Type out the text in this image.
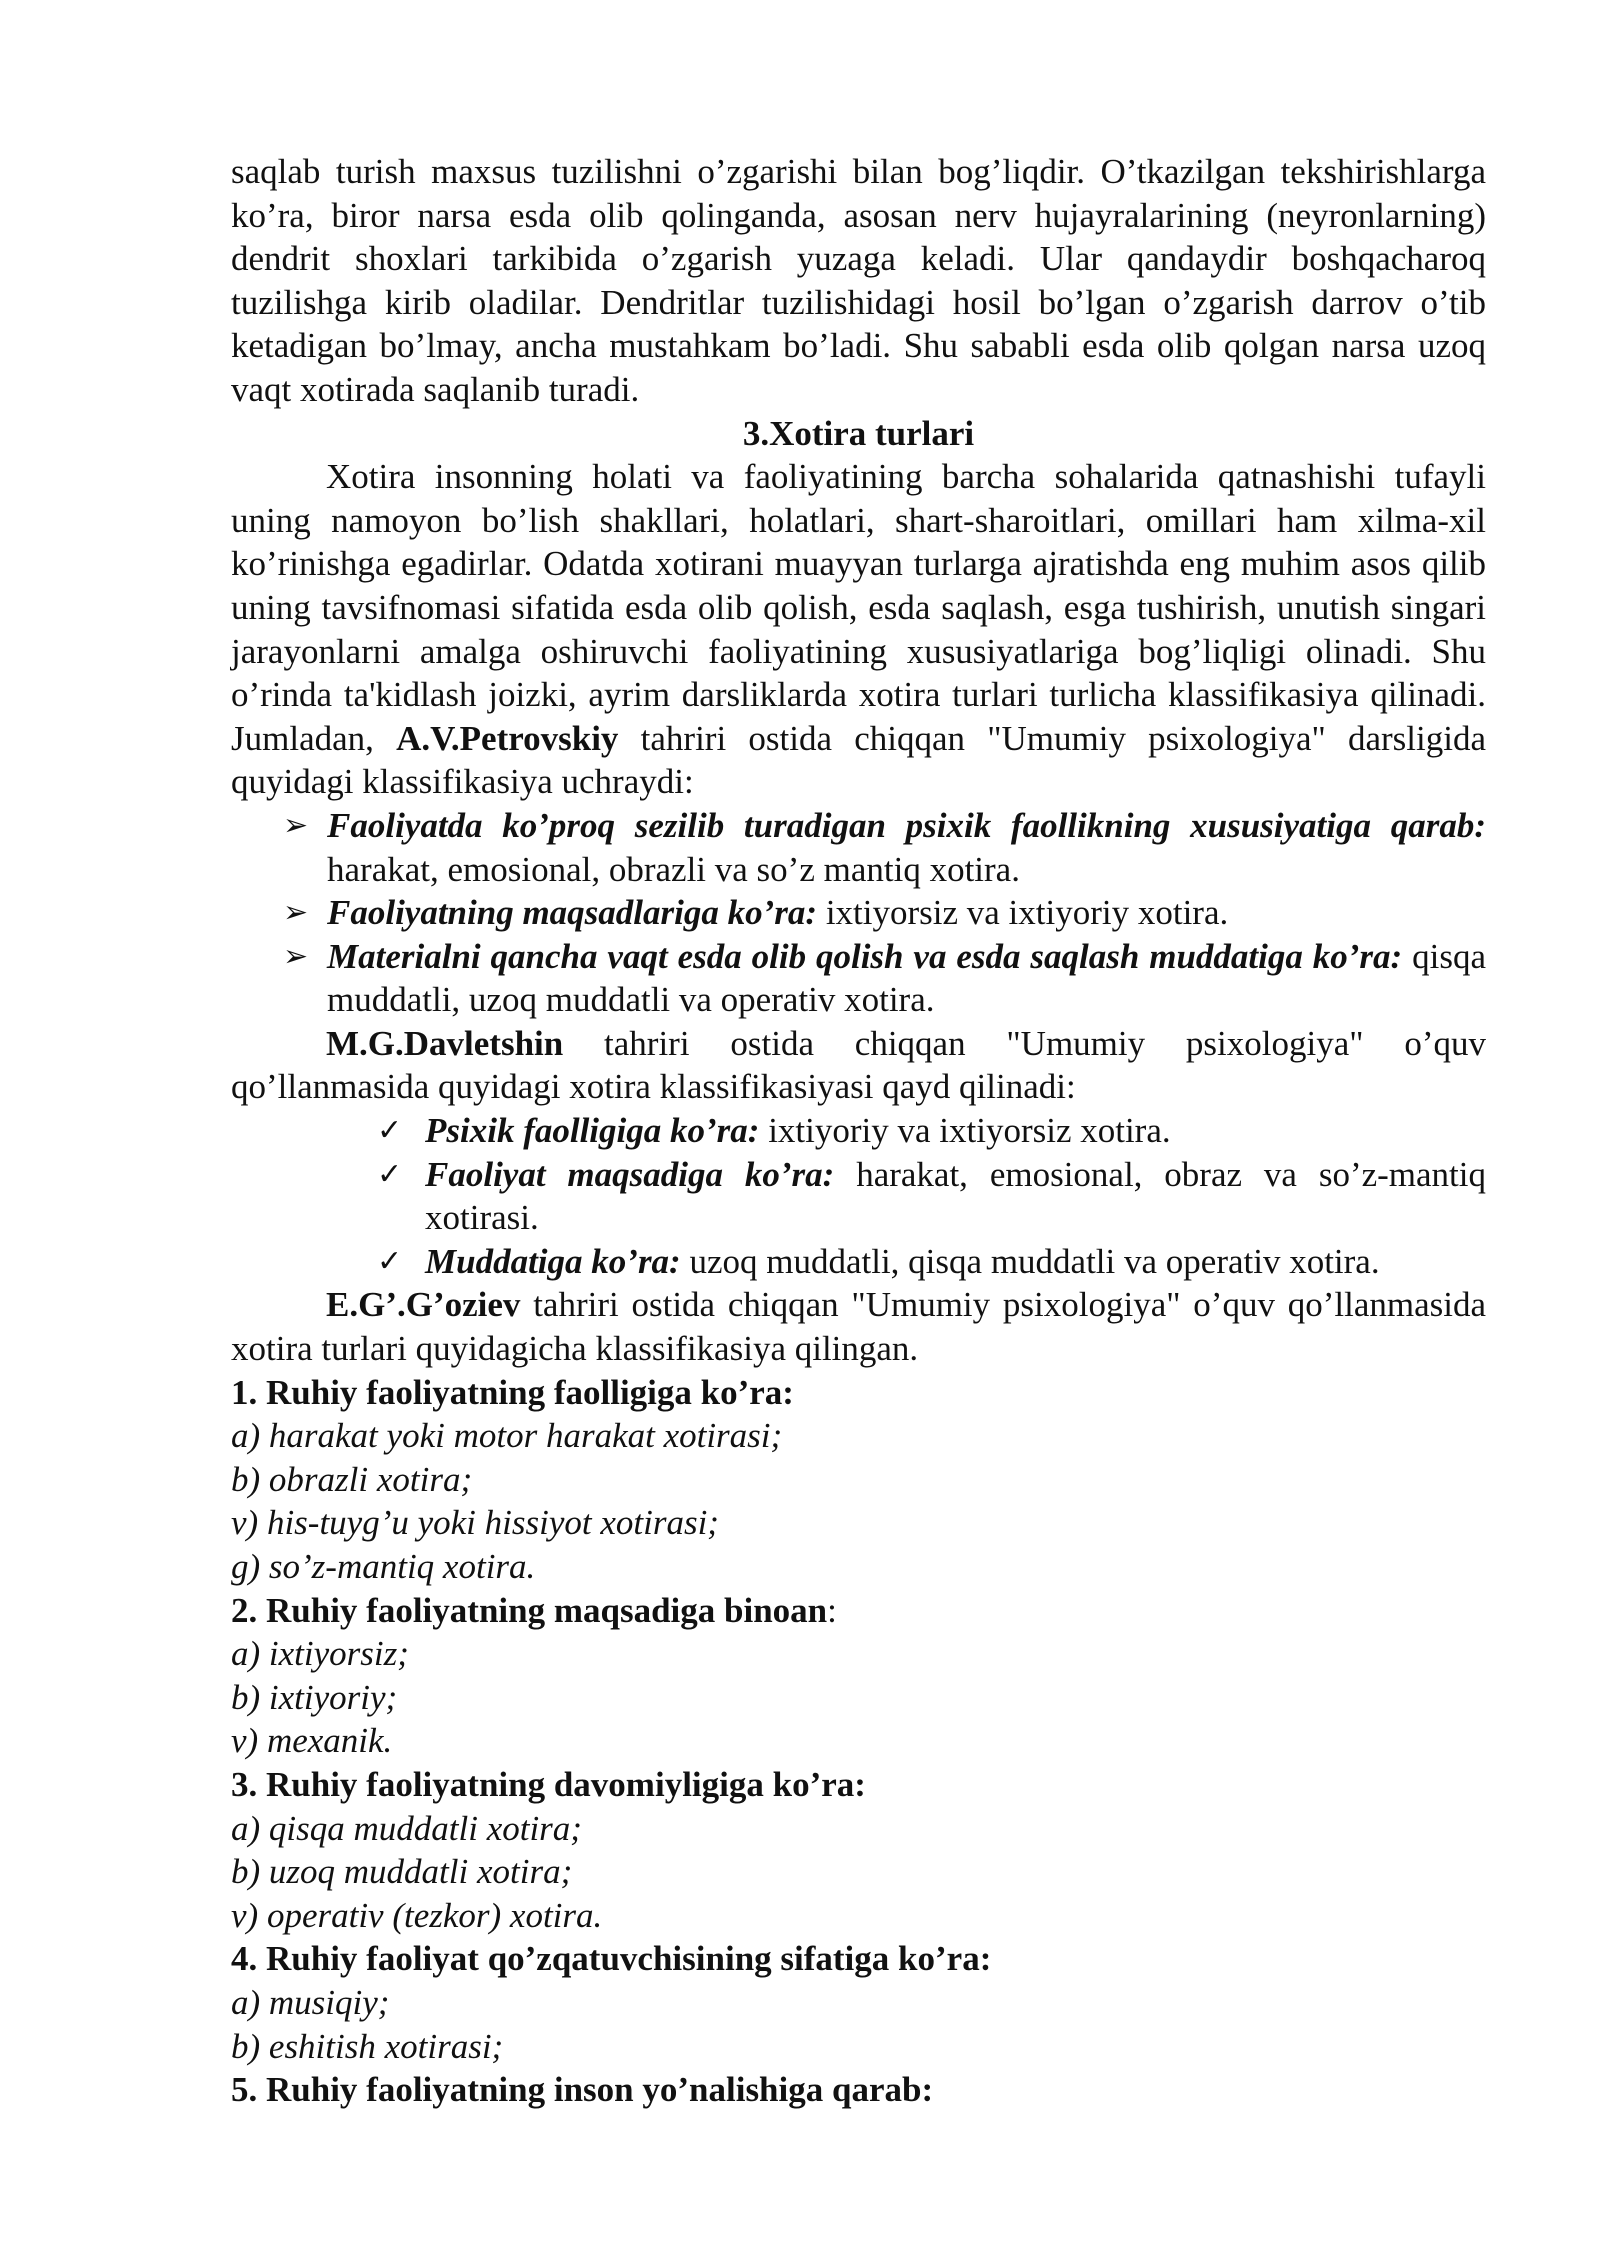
saqlab turish maxsus tuzilishni o’zgarishi bilan bog’liqdir. O’tkazilgan tekshirishlarga ko’ra, biror narsa esda olib qolinganda, asosan nerv hujayralarining (neyronlarning) dendrit shoxlari tarkibida o’zgarish yuzaga keladi. Ular qandaydir boshqacharoq tuzilishga kirib oladilar. Dendritlar tuzilishidagi hosil bo’lgan o’zgarish darrov o’tib ketadigan bo’lmay, ancha mustahkam bo’ladi. Shu sababli esda olib qolgan narsa uzoq vaqt xotirada saqlanib turadi.

3.Xotira turlari

Xotira insonning holati va faoliyatining barcha sohalarida qatnashishi tufayli uning namoyon bo’lish shakllari, holatlari, shart-sharoitlari, omillari ham xilma-xil ko’rinishga egadirlar. Odatda xotirani muayyan turlarga ajratishda eng muhim asos qilib uning tavsifnomasi sifatida esda olib qolish, esda saqlash, esga tushirish, unutish singari jarayonlarni amalga oshiruvchi faoliyatining xususiyatlariga bog’liqligi olinadi. Shu o’rinda ta'kidlash joizki, ayrim darsliklarda xotira turlari turlicha klassifikasiya qilinadi. Jumladan, A.V.Petrovskiy tahriri ostida chiqqan "Umumiy psixologiya" darsligida quyidagi klassifikasiya uchraydi:

➢ Faoliyatda ko’proq sezilib turadigan psixik faollikning xususiyatiga qarab: harakat, emosional, obrazli va so’z mantiq xotira.

➢ Faoliyatning maqsadlariga ko’ra: ixtiyorsiz va ixtiyoriy xotira.

➢ Materialni qancha vaqt esda olib qolish va esda saqlash muddatiga ko’ra: qisqa muddatli, uzoq muddatli va operativ xotira.

M.G.Davletshin tahriri ostida chiqqan "Umumiy psixologiya" o’quv qo’llanmasida quyidagi xotira klassifikasiyasi qayd qilinadi:

✓ Psixik faolligiga ko’ra: ixtiyoriy va ixtiyorsiz xotira.

✓ Faoliyat maqsadiga ko’ra: harakat, emosional, obraz va so’z-mantiq xotirasi.

✓ Muddatiga ko’ra: uzoq muddatli, qisqa muddatli va operativ xotira.

E.G’.G’oziev tahriri ostida chiqqan "Umumiy psixologiya" o’quv qo’llanmasida xotira turlari quyidagicha klassifikasiya qilingan.

1. Ruhiy faoliyatning faolligiga ko’ra:

a) harakat yoki motor harakat xotirasi;

b) obrazli xotira;

v) his-tuyg’u yoki hissiyot xotirasi;

g) so’z-mantiq xotira.

2. Ruhiy faoliyatning maqsadiga binoan:

a) ixtiyorsiz;

b) ixtiyoriy;

v) mexanik.

3. Ruhiy faoliyatning davomiyligiga ko’ra:

a) qisqa muddatli xotira;

b) uzoq muddatli xotira;

v) operativ (tezkor) xotira.

4. Ruhiy faoliyat qo’zqatuvchisining sifatiga ko’ra:

a) musiqiy;

b) eshitish xotirasi;

5. Ruhiy faoliyatning inson yo’nalishiga qarab:
